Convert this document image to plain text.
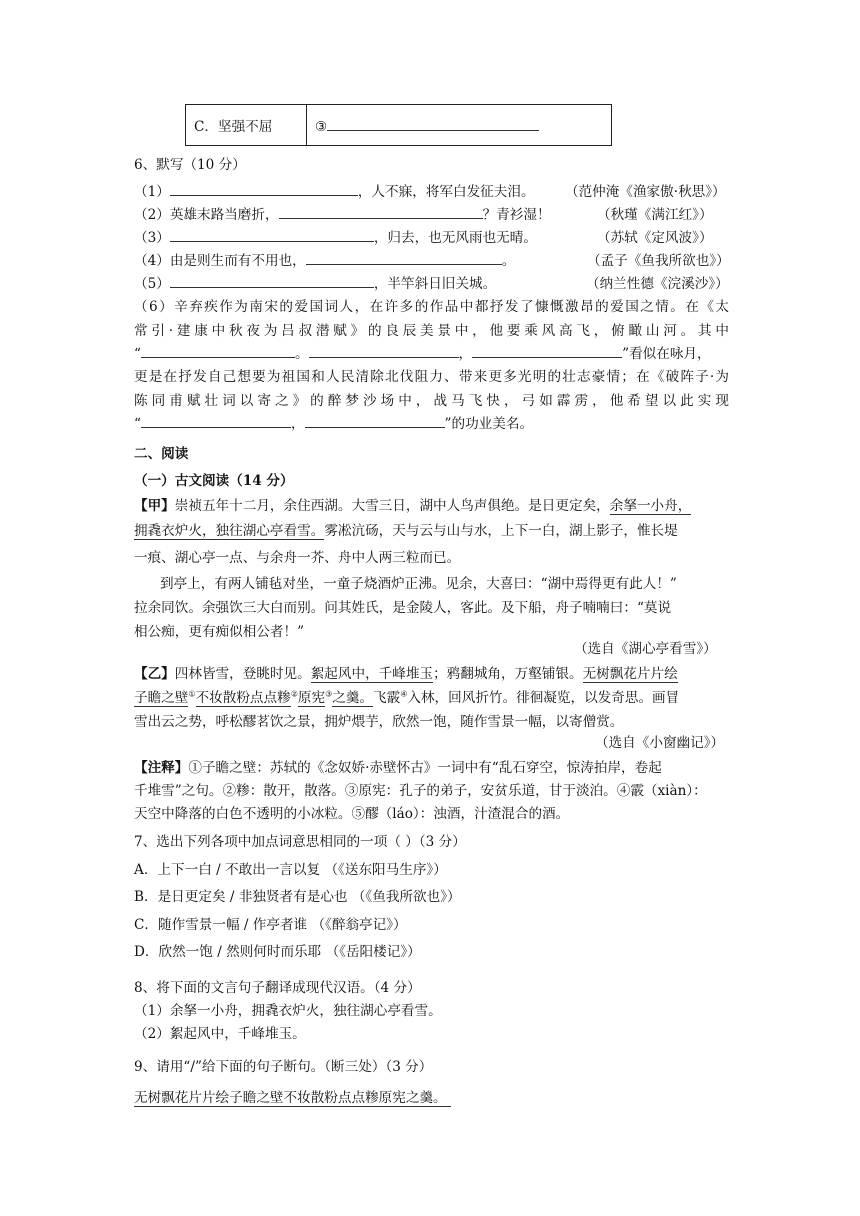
C．坚强不屈	③
6、默写（10 分）
（1）	，人不寐，将军白发征夫泪。 （范仲淹《渔家傲·秋思》）
（2）英雄末路当磨折，	？青衫湿！	（秋瑾《满江红》）
（3）	，归去，也无风雨也无晴。	（苏轼《定风波》）
（4）由是则生而有不用也，	。	（孟子《鱼我所欲也》）
（5）	，半竿斜日旧关城。	（纳兰性德《浣溪沙》）
（6）辛弃疾作为南宋的爱国词人，在许多的作品中都抒发了慷慨激昂的爱国之情。在《太
常引·建康中秋夜为吕叔潜赋》的良辰美景中，他要乘风高飞，俯瞰山河。其中
“	。	，	”看似在咏月，
更是在抒发自己想要为祖国和人民清除北伐阻力、带来更多光明的壮志豪情；在《破阵子·为
陈同甫赋壮词以寄之》的醉梦沙场中，战马飞快，弓如霹雳，他希望以此实现
“	，	”的功业美名。
二、阅读
（一）古文阅读（14 分）
【甲】崇祯五年十二月，余住西湖。大雪三日，湖中人鸟声俱绝。是日更定矣，余拏一小舟，
拥毳衣炉火，独往湖心亭看雪。雾凇沆砀，天与云与山与水，上下一白，湖上影子，惟长堤
一痕、湖心亭一点、与余舟一芥、舟中人两三粒而已。
到亭上，有两人铺毡对坐，一童子烧酒炉正沸。见余，大喜曰：“湖中焉得更有此人！”
拉余同饮。余强饮三大白而别。问其姓氏，是金陵人，客此。及下船，舟子喃喃曰：“莫说
相公痴，更有痴似相公者！”
（选自《湖心亭看雪》）
【乙】四林皆雪，登眺时见。絮起风中，千峰堆玉；鸦翻城角，万壑铺银。无树飘花片片绘
子瞻之壁①不妆散粉点点糁②原宪③之羹。飞霰④入林，回风折竹。徘徊凝览，以发奇思。画冒
雪出云之势，呼松醪茗饮之景，拥炉煨芋，欣然一饱，随作雪景一幅，以寄僧赏。
（选自《小窗幽记》）
【注释】①子瞻之壁：苏轼的《念奴娇·赤壁怀古》一词中有“乱石穿空，惊涛拍岸，卷起
千堆雪”之句。②糁：散开，散落。③原宪：孔子的弟子，安贫乐道，甘于淡泊。④霰（xiàn）：
天空中降落的白色不透明的小冰粒。⑤醪（láo）：浊酒，汁渣混合的酒。
7、选出下列各项中加点词意思相同的一项（ ）（3 分）
A．上下一白 / 不敢出一言以复 （《送东阳马生序》）
B．是日更定矣 / 非独贤者有是心也 （《鱼我所欲也》）
C．随作雪景一幅 / 作亭者谁 （《醉翁亭记》）
D．欣然一饱 / 然则何时而乐耶 （《岳阳楼记》）
8、将下面的文言句子翻译成现代汉语。（4 分）
（1）余拏一小舟，拥毳衣炉火，独往湖心亭看雪。
（2）絮起风中，千峰堆玉。
9、请用“/”给下面的句子断句。（断三处）（3 分）
无树飘花片片绘子瞻之壁不妆散粉点点糁原宪之羹。
